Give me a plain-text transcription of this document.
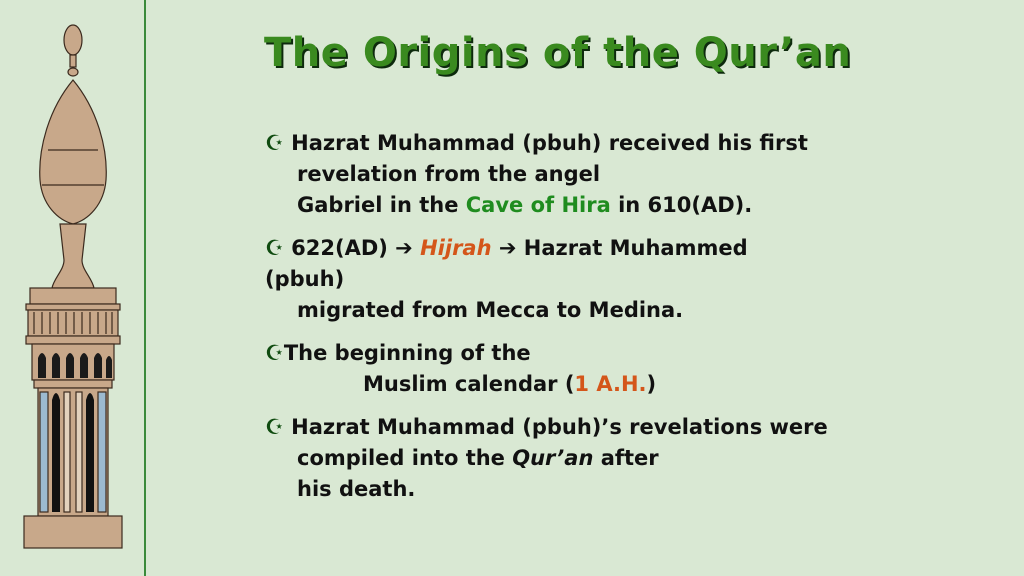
The Origins of the Qur’an
☪ Hazrat Muhammad (pbuh) received his first
revelation from the angel
Gabriel in the Cave of Hira in 610(AD).
☪ 622(AD) ➔ Hijrah ➔ Hazrat Muhammed
(pbuh)
migrated from Mecca to Medina.
☪The beginning of the
Muslim calendar (1 A.H.)
☪ Hazrat Muhammad (pbuh)’s revelations were
compiled into the Qur’an after
his death.
